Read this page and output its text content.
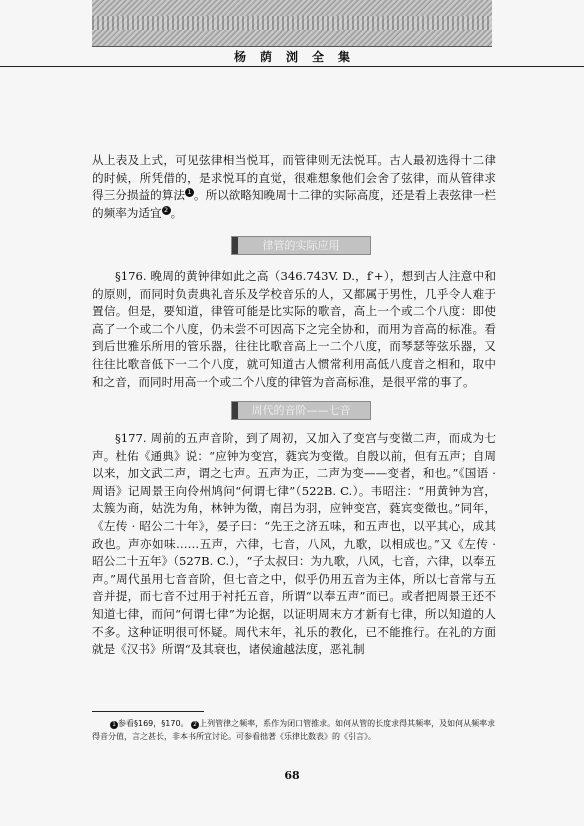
杨荫浏全集

从上表及上式，可见弦律相当悦耳，而管律则无法悦耳。古人最初选得十二律的时候，所凭借的，是求悦耳的直觉，很难想象他们会舍了弦律，而从管律求得三分损益的算法 1 。所以欲略知晚周十二律的实际高度，还是看上表弦律一栏的频率为适宜 2 。

律管的实际应用

§176. 晚周的黄钟律如此之高（346.743V. D.，f′+），想到古人注意中和的原则，而同时负责典礼音乐及学校音乐的人，又都属于男性，几乎令人难于置信。但是，要知道，律管可能是比实际的歌音，高上一个或二个八度：即使高了一个或二个八度，仍未尝不可因高下之完全协和，而用为音高的标准。看到后世雅乐所用的管乐器，往往比歌音高上一二个八度，而琴瑟等弦乐器，又往往比歌音低下一二个八度，就可知道古人惯常利用高低八度音之相和，取中和之音，而同时用高一个或二个八度的律管为音高标准，是很平常的事了。

周代的音阶——七音

§177. 周前的五声音阶，到了周初，又加入了变宫与变徵二声，而成为七声。杜佑《通典》说：“应钟为变宫，蕤宾为变徵。自殷以前，但有五声；自周以来，加文武二声，谓之七声。五声为正，二声为变——变者，和也。”《国语 · 周语》记周景王向伶州鸠问“何谓七律”（522B. C.）。韦昭注：“用黄钟为宫，太簇为商，姑洗为角，林钟为徵，南吕为羽，应钟变宫，蕤宾变徵也。”同年，《左传 · 昭公二十年》，晏子曰：“先王之济五味，和五声也，以平其心，成其政也。声亦如味……五声，六律，七音，八风，九歌，以相成也。”又《左传 · 昭公二十五年》（527B. C.），“子太叔曰：为九歌，八风，七音，六律，以奉五声。”周代虽用七音音阶，但七音之中，似乎仍用五音为主体，所以七音常与五音并提，而七音不过用于衬托五音，所谓“以奉五声”而已。或者把周景王还不知道七律，而问“何谓七律”为论据，以证明周末方才新有七律，所以知道的人不多。这种证明很可怀疑。周代末年，礼乐的教化，已不能推行。在礼的方面就是《汉书》所谓“及其衰也，诸侯逾越法度，恶礼制

1 参看§169，§170。 2 上列管律之频率，系作为闭口管推求。如何从管的长度求得其频率，及如何从频率求得音分值，言之甚长，非本书所宜讨论。可参看拙著《乐律比数表》的《引言》。

68
